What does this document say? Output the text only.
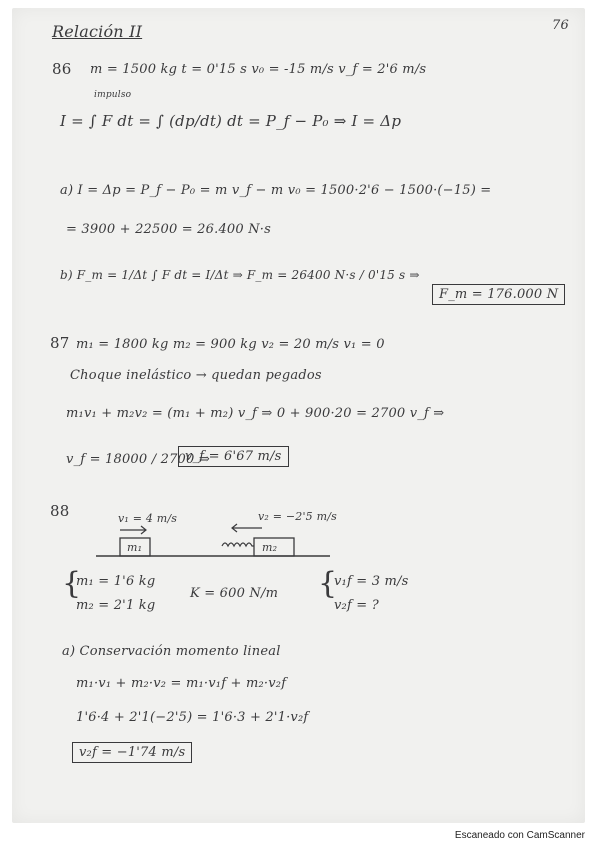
Relación II	76
86 m = 1500 kg t = 0'15 s v₀ = -15 m/s v_f = 2'6 m/s
impulso
I = ∫ F dt = ∫ (dp/dt) dt = P_f − P₀ ⇒ I = Δp
a) I = Δp = P_f − P₀ = m v_f − m v₀ = 1500·2'6 − 1500·(−15) =
= 3900 + 22500 = 26.400 N·s
b) F_m = 1/Δt ∫ F dt = I/Δt ⇒ F_m = 26400 N·s / 0'15 s ⇒
F_m = 176.000 N
87 m₁ = 1800 kg m₂ = 900 kg v₂ = 20 m/s v₁ = 0
Choque inelástico → quedan pegados
m₁v₁ + m₂v₂ = (m₁ + m₂) v_f ⇒ 0 + 900·20 = 2700 v_f ⇒
v_f = 18000 / 2700 ⇒
v_f = 6'67 m/s
88	v₁ = 4 m/s	v₂ = −2'5 m/s
m₁	m₂
{
m₁ = 1'6 kg
m₂ = 2'1 kg
K = 600 N/m {
v₁f = 3 m/s
v₂f = ?
a) Conservación momento lineal
m₁·v₁ + m₂·v₂ = m₁·v₁f + m₂·v₂f
1'6·4 + 2'1(−2'5) = 1'6·3 + 2'1·v₂f
v₂f = −1'74 m/s
Escaneado con CamScanner
